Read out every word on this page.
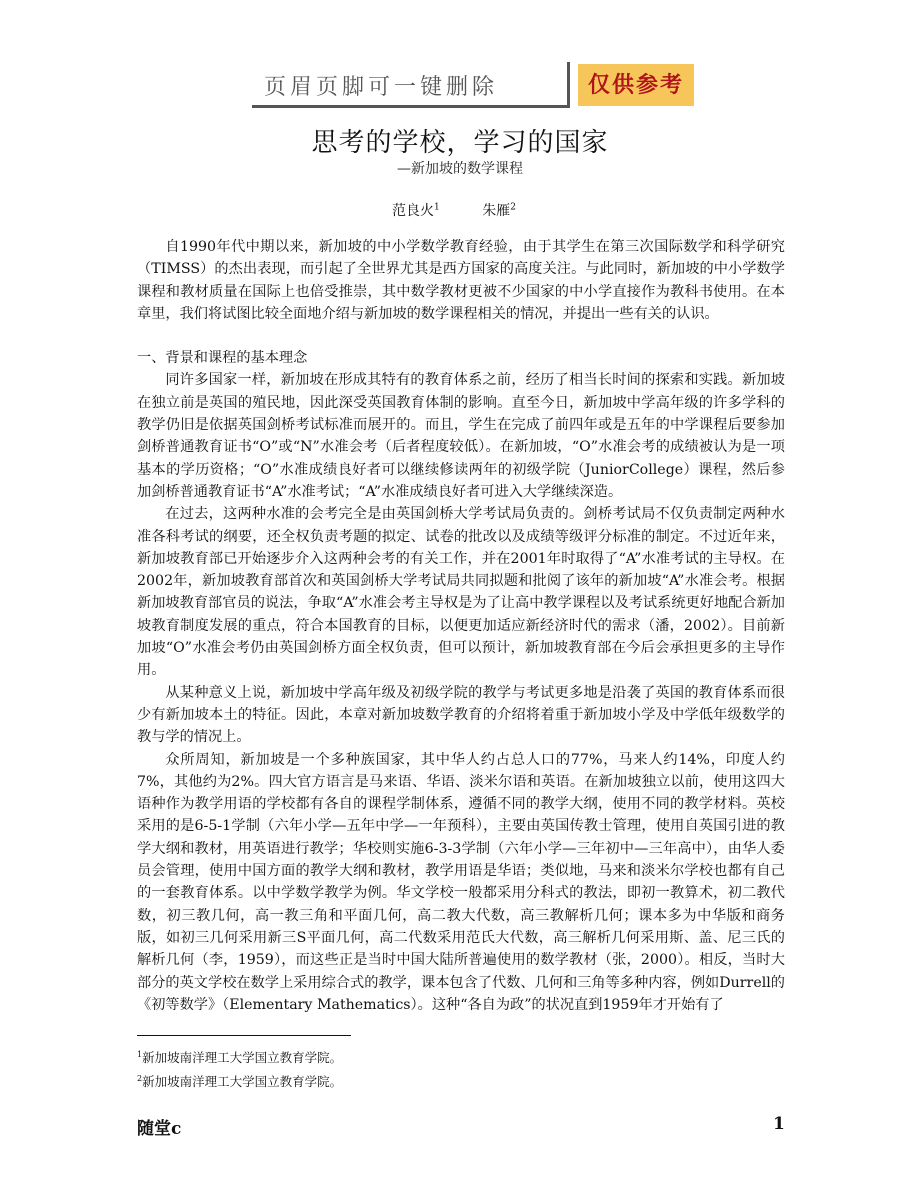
页眉页脚可一键删除	仅供参考
思考的学校，学习的国家
—新加坡的数学课程
范良火$^1$	朱雁$^2$

自1990年代中期以来，新加坡的中小学数学教育经验，由于其学生在第三次国际数学和科学研究（TIMSS）的杰出表现，而引起了全世界尤其是西方国家的高度关注。与此同时，新加坡的中小学数学课程和教材质量在国际上也倍受推崇，其中数学教材更被不少国家的中小学直接作为教科书使用。在本章里，我们将试图比较全面地介绍与新加坡的数学课程相关的情况，并提出一些有关的认识。

一、背景和课程的基本理念

同许多国家一样，新加坡在形成其特有的教育体系之前，经历了相当长时间的探索和实践。新加坡在独立前是英国的殖民地，因此深受英国教育体制的影响。直至今日，新加坡中学高年级的许多学科的教学仍旧是依据英国剑桥考试标准而展开的。而且，学生在完成了前四年或是五年的中学课程后要参加剑桥普通教育证书“O”或“N”水准会考（后者程度较低）。在新加坡，“O”水准会考的成绩被认为是一项基本的学历资格；“O”水准成绩良好者可以继续修读两年的初级学院（JuniorCollege）课程，然后参加剑桥普通教育证书“A”水准考试；“A”水准成绩良好者可进入大学继续深造。

在过去，这两种水准的会考完全是由英国剑桥大学考试局负责的。剑桥考试局不仅负责制定两种水准各科考试的纲要，还全权负责考题的拟定、试卷的批改以及成绩等级评分标准的制定。不过近年来，新加坡教育部已开始逐步介入这两种会考的有关工作，并在2001年时取得了“A”水准考试的主导权。在2002年，新加坡教育部首次和英国剑桥大学考试局共同拟题和批阅了该年的新加坡“A”水准会考。根据新加坡教育部官员的说法，争取“A”水准会考主导权是为了让高中教学课程以及考试系统更好地配合新加坡教育制度发展的重点，符合本国教育的目标，以便更加适应新经济时代的需求（潘，2002）。目前新加坡“O”水准会考仍由英国剑桥方面全权负责，但可以预计，新加坡教育部在今后会承担更多的主导作用。

从某种意义上说，新加坡中学高年级及初级学院的教学与考试更多地是沿袭了英国的教育体系而很少有新加坡本土的特征。因此，本章对新加坡数学教育的介绍将着重于新加坡小学及中学低年级数学的教与学的情况上。

众所周知，新加坡是一个多种族国家，其中华人约占总人口的77%，马来人约14%，印度人约7%，其他约为2%。四大官方语言是马来语、华语、淡米尔语和英语。在新加坡独立以前，使用这四大语种作为教学用语的学校都有各自的课程学制体系，遵循不同的教学大纲，使用不同的教学材料。英校采用的是6-5-1学制（六年小学—五年中学—一年预科），主要由英国传教士管理，使用自英国引进的教学大纲和教材，用英语进行教学；华校则实施6-3-3学制（六年小学—三年初中—三年高中），由华人委员会管理，使用中国方面的教学大纲和教材，教学用语是华语；类似地，马来和淡米尔学校也都有自己的一套教育体系。以中学数学教学为例。华文学校一般都采用分科式的教法，即初一教算术，初二教代数，初三教几何，高一教三角和平面几何，高二教大代数，高三教解析几何；课本多为中华版和商务版，如初三几何采用新三S平面几何，高二代数采用范氏大代数，高三解析几何采用斯、盖、尼三氏的解析几何（李，1959），而这些正是当时中国大陆所普遍使用的数学教材（张，2000）。相反，当时大部分的英文学校在数学上采用综合式的教学，课本包含了代数、几何和三角等多种内容，例如Durrell的《初等数学》（Elementary Mathematics）。这种“各自为政”的状况直到1959年才开始有了

$^1$新加坡南洋理工大学国立教育学院。
$^2$新加坡南洋理工大学国立教育学院。
随堂c	1
